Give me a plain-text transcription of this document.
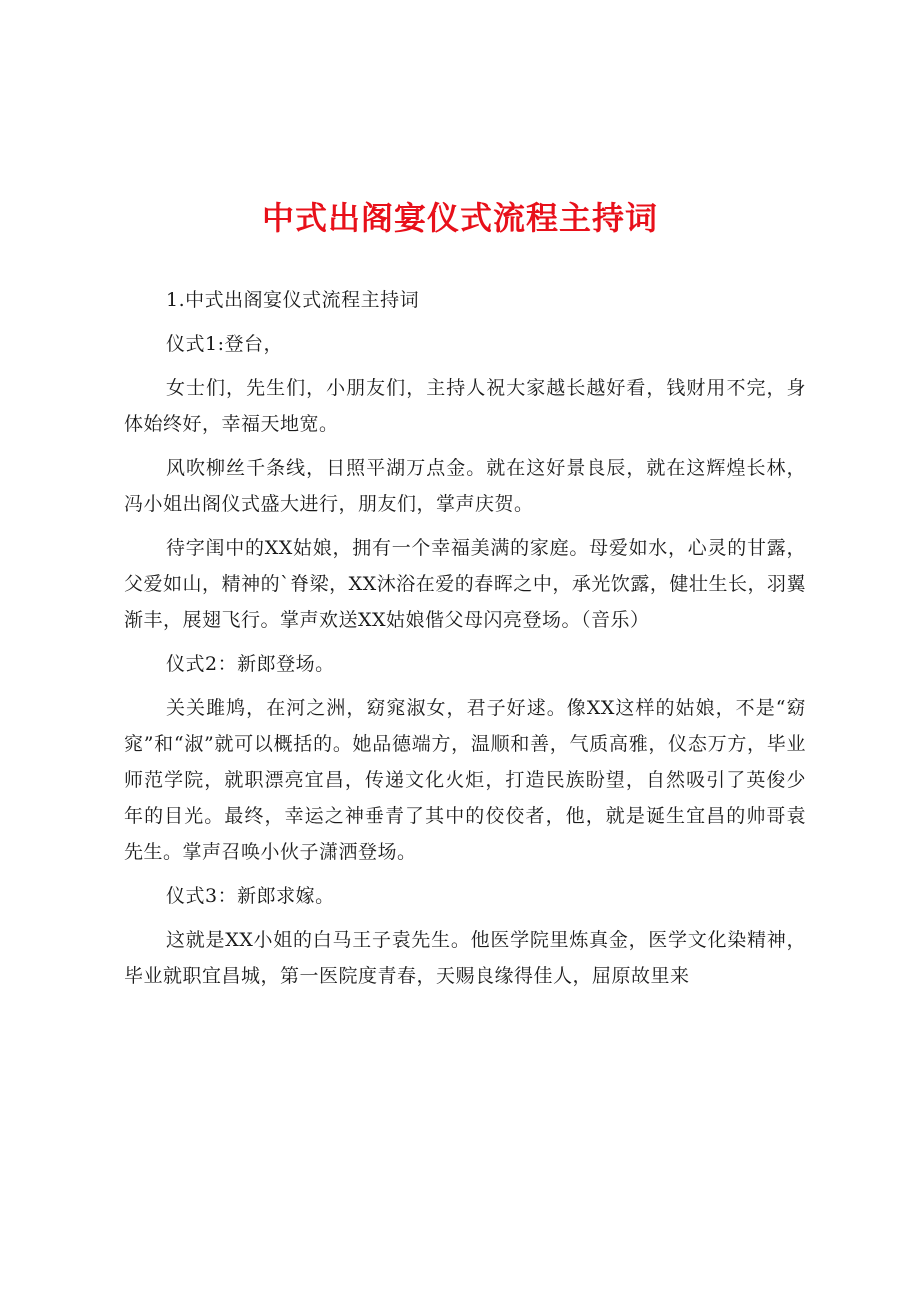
中式出阁宴仪式流程主持词

1.中式出阁宴仪式流程主持词

仪式1:登台，

女士们，先生们，小朋友们，主持人祝大家越长越好看，钱财用不完，身体始终好，幸福天地宽。

风吹柳丝千条线，日照平湖万点金。就在这好景良辰，就在这辉煌长林，冯小姐出阁仪式盛大进行，朋友们，掌声庆贺。

待字闺中的XX姑娘，拥有一个幸福美满的家庭。母爱如水，心灵的甘露，父爱如山，精神的`脊梁，XX沐浴在爱的春晖之中，承光饮露，健壮生长，羽翼渐丰，展翅飞行。掌声欢送XX姑娘偕父母闪亮登场。（音乐）

仪式2：新郎登场。

关关雎鸠，在河之洲，窈窕淑女，君子好逑。像XX这样的姑娘，不是“窈窕”和“淑”就可以概括的。她品德端方，温顺和善，气质高雅，仪态万方，毕业师范学院，就职漂亮宜昌，传递文化火炬，打造民族盼望，自然吸引了英俊少年的目光。最终，幸运之神垂青了其中的佼佼者，他，就是诞生宜昌的帅哥袁先生。掌声召唤小伙子潇洒登场。

仪式3：新郎求嫁。

这就是XX小姐的白马王子袁先生。他医学院里炼真金，医学文化染精神，毕业就职宜昌城，第一医院度青春，天赐良缘得佳人，屈原故里来
